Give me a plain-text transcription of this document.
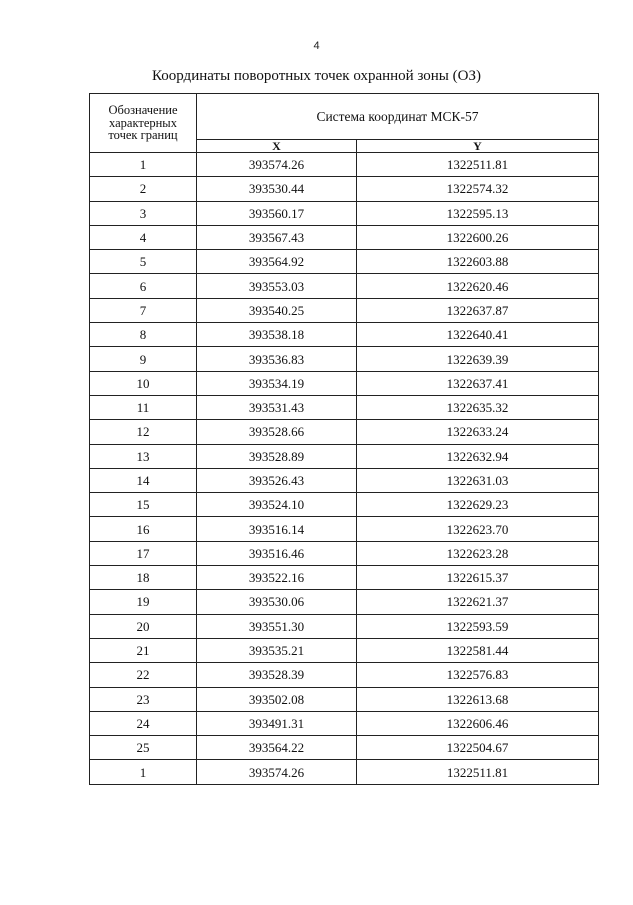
4
Координаты поворотных точек охранной зоны (ОЗ)
Обозначение
характерных
точек границ	Система координат МСК-57	
	X	Y
1	393574.26	1322511.81
2	393530.44	1322574.32
3	393560.17	1322595.13
4	393567.43	1322600.26
5	393564.92	1322603.88
6	393553.03	1322620.46
7	393540.25	1322637.87
8	393538.18	1322640.41
9	393536.83	1322639.39
10	393534.19	1322637.41
11	393531.43	1322635.32
12	393528.66	1322633.24
13	393528.89	1322632.94
14	393526.43	1322631.03
15	393524.10	1322629.23
16	393516.14	1322623.70
17	393516.46	1322623.28
18	393522.16	1322615.37
19	393530.06	1322621.37
20	393551.30	1322593.59
21	393535.21	1322581.44
22	393528.39	1322576.83
23	393502.08	1322613.68
24	393491.31	1322606.46
25	393564.22	1322504.67
1	393574.26	1322511.81
